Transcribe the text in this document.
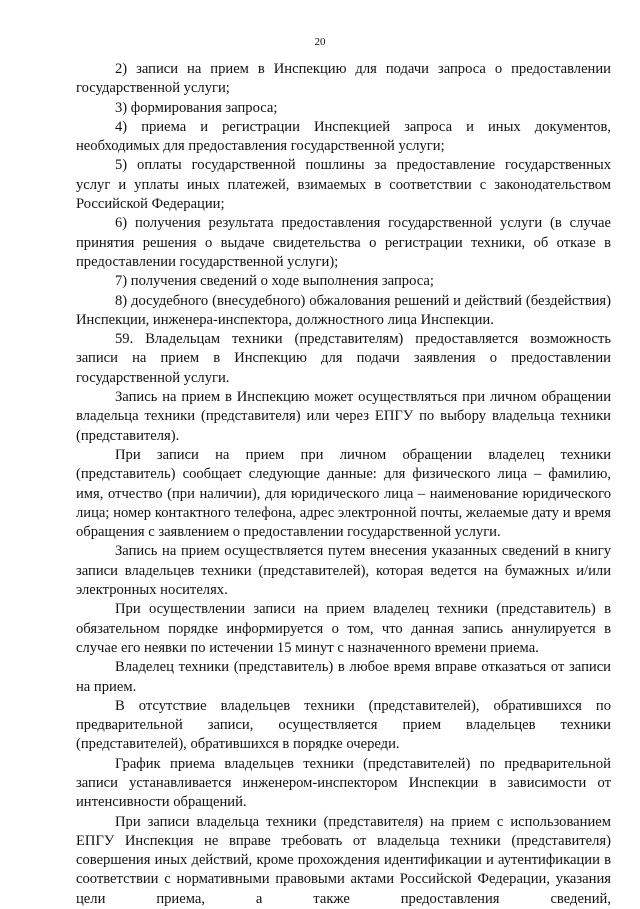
20

2) записи на прием в Инспекцию для подачи запроса о предоставлении государственной услуги;

3) формирования запроса;

4) приема и регистрации Инспекцией запроса и иных документов, необходимых для предоставления государственной услуги;

5) оплаты государственной пошлины за предоставление государственных услуг и уплаты иных платежей, взимаемых в соответствии с законодательством Российской Федерации;

6) получения результата предоставления государственной услуги (в случае принятия решения о выдаче свидетельства о регистрации техники, об отказе в предоставлении государственной услуги);

7) получения сведений о ходе выполнения запроса;

8) досудебного (внесудебного) обжалования решений и действий (бездействия) Инспекции, инженера-инспектора, должностного лица Инспекции.

59. Владельцам техники (представителям) предоставляется возможность записи на прием в Инспекцию для подачи заявления о предоставлении государственной услуги.

Запись на прием в Инспекцию может осуществляться при личном обращении владельца техники (представителя) или через ЕПГУ по выбору владельца техники (представителя).

При записи на прием при личном обращении владелец техники (представитель) сообщает следующие данные: для физического лица – фамилию, имя, отчество (при наличии), для юридического лица – наименование юридического лица; номер контактного телефона, адрес электронной почты, желаемые дату и время обращения с заявлением о предоставлении государственной услуги.

Запись на прием осуществляется путем внесения указанных сведений в книгу записи владельцев техники (представителей), которая ведется на бумажных и/или электронных носителях.

При осуществлении записи на прием владелец техники (представитель) в обязательном порядке информируется о том, что данная запись аннулируется в случае его неявки по истечении 15 минут с назначенного времени приема.

Владелец техники (представитель) в любое время вправе отказаться от записи на прием.

В отсутствие владельцев техники (представителей), обратившихся по предварительной записи, осуществляется прием владельцев техники (представителей), обратившихся в порядке очереди.

График приема владельцев техники (представителей) по предварительной записи устанавливается инженером-инспектором Инспекции в зависимости от интенсивности обращений.

При записи владельца техники (представителя) на прием с использованием ЕПГУ Инспекция не вправе требовать от владельца техники (представителя) совершения иных действий, кроме прохождения идентификации и аутентификации в соответствии с нормативными правовыми актами Российской Федерации, указания цели приема, а также предоставления сведений,
